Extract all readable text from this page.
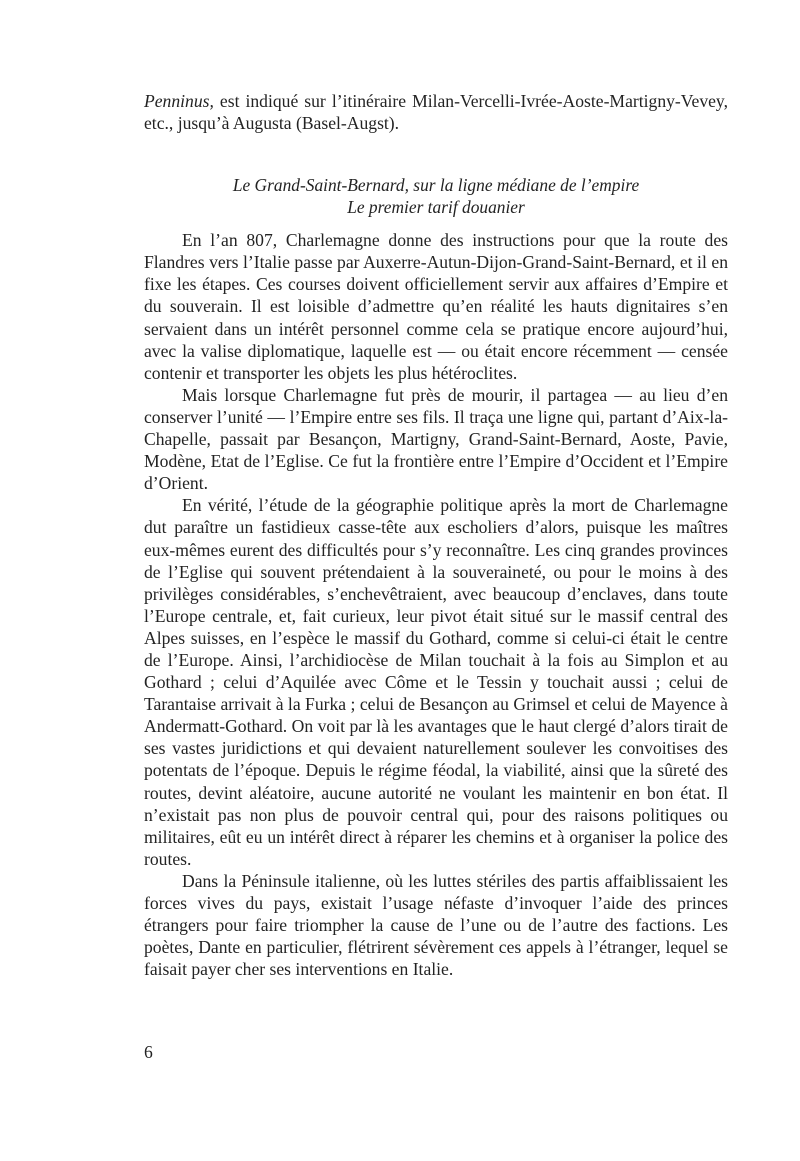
Penninus, est indiqué sur l’itinéraire Milan-Vercelli-Ivrée-Aoste-Martigny-Vevey, etc., jusqu’à Augusta (Basel-Augst).

Le Grand-Saint-Bernard, sur la ligne médiane de l’empire
Le premier tarif douanier

En l’an 807, Charlemagne donne des instructions pour que la route des Flandres vers l’Italie passe par Auxerre-Autun-Dijon-Grand-Saint-Bernard, et il en fixe les étapes. Ces courses doivent officiellement servir aux affaires d’Empire et du souverain. Il est loisible d’admettre qu’en réalité les hauts dignitaires s’en servaient dans un intérêt personnel comme cela se pratique encore aujourd’hui, avec la valise diplomatique, laquelle est — ou était encore récemment — censée contenir et transporter les objets les plus hétéroclites.

Mais lorsque Charlemagne fut près de mourir, il partagea — au lieu d’en conserver l’unité — l’Empire entre ses fils. Il traça une ligne qui, partant d’Aix-la-Chapelle, passait par Besançon, Martigny, Grand-Saint-Bernard, Aoste, Pavie, Modène, Etat de l’Eglise. Ce fut la frontière entre l’Empire d’Occident et l’Empire d’Orient.

En vérité, l’étude de la géographie politique après la mort de Charlemagne dut paraître un fastidieux casse-tête aux escholiers d’alors, puisque les maîtres eux-mêmes eurent des difficultés pour s’y reconnaître. Les cinq grandes provinces de l’Eglise qui souvent prétendaient à la souveraineté, ou pour le moins à des privilèges considérables, s’enchevêtraient, avec beaucoup d’enclaves, dans toute l’Europe centrale, et, fait curieux, leur pivot était situé sur le massif central des Alpes suisses, en l’espèce le massif du Gothard, comme si celui-ci était le centre de l’Europe. Ainsi, l’archidiocèse de Milan touchait à la fois au Simplon et au Gothard ; celui d’Aquilée avec Côme et le Tessin y touchait aussi ; celui de Tarantaise arrivait à la Furka ; celui de Besançon au Grimsel et celui de Mayence à Andermatt-Gothard. On voit par là les avantages que le haut clergé d’alors tirait de ses vastes juridictions et qui devaient naturellement soulever les convoitises des potentats de l’époque. Depuis le régime féodal, la viabilité, ainsi que la sûreté des routes, devint aléatoire, aucune autorité ne voulant les maintenir en bon état. Il n’existait pas non plus de pouvoir central qui, pour des raisons politiques ou militaires, eût eu un intérêt direct à réparer les chemins et à organiser la police des routes.

Dans la Péninsule italienne, où les luttes stériles des partis affaiblissaient les forces vives du pays, existait l’usage néfaste d’invoquer l’aide des princes étrangers pour faire triompher la cause de l’une ou de l’autre des factions. Les poètes, Dante en particulier, flétrirent sévèrement ces appels à l’étranger, lequel se faisait payer cher ses interventions en Italie.

6
